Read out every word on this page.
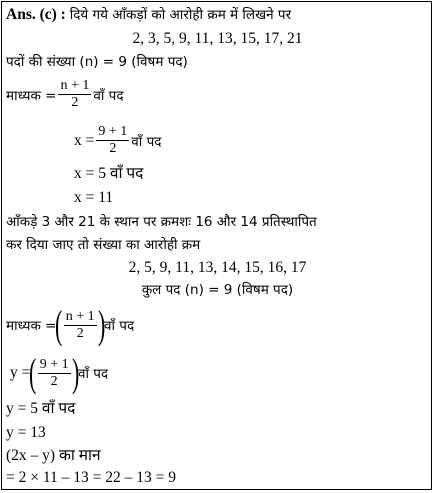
Ans. (c) : दिये गये आँकड़ों को आरोही क्रम में लिखने पर
2, 3, 5, 9, 11, 13, 15, 17, 21
पदों की संख्या (n) = 9 (विषम पद)
माध्यक = $\frac{n + 1}{2}$ वाँ पद
$x = \frac{9 + 1}{2}$ वाँ पद
x = 5 वाँ पद
x = 11
आँकड़े 3 और 21 के स्थान पर क्रमशः 16 और 14 प्रतिस्थापित
कर दिया जाए तो संख्या का आरोही क्रम
2, 5, 9, 11, 13, 14, 15, 16, 17
कुल पद (n) = 9 (विषम पद)
माध्यक =
( $\frac{n + 1}{2}$ )
वाँ पद
y =
( $\frac{9 + 1}{2}$ )
वाँ पद
y = 5 वाँ पद
y = 13
(2x – y) का मान
= 2 × 11 – 13 = 22 – 13 = 9
